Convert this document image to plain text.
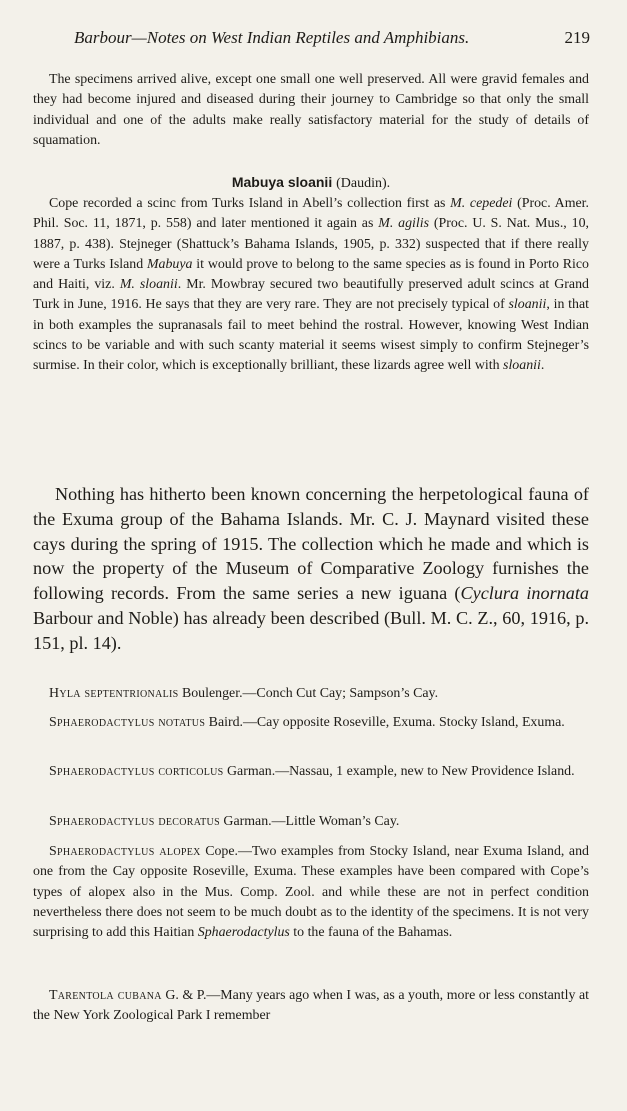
Barbour—Notes on West Indian Reptiles and Amphibians.	219

The specimens arrived alive, except one small one well preserved. All were gravid females and they had become injured and diseased during their journey to Cambridge so that only the small individual and one of the adults make really satisfactory material for the study of details of squamation.

Mabuya sloanii (Daudin).

Cope recorded a scinc from Turks Island in Abell’s collection first as M. cepedei (Proc. Amer. Phil. Soc. 11, 1871, p. 558) and later mentioned it again as M. agilis (Proc. U. S. Nat. Mus., 10, 1887, p. 438). Stejneger (Shattuck’s Bahama Islands, 1905, p. 332) suspected that if there really were a Turks Island Mabuya it would prove to belong to the same species as is found in Porto Rico and Haiti, viz. M. sloanii. Mr. Mowbray secured two beautifully preserved adult scincs at Grand Turk in June, 1916. He says that they are very rare. They are not precisely typical of sloanii, in that in both examples the supranasals fail to meet behind the rostral. However, knowing West Indian scincs to be variable and with such scanty material it seems wisest simply to confirm Stejneger’s surmise. In their color, which is exceptionally brilliant, these lizards agree well with sloanii.

Nothing has hitherto been known concerning the herpetological fauna of the Exuma group of the Bahama Islands. Mr. C. J. Maynard visited these cays during the spring of 1915. The collection which he made and which is now the property of the Museum of Comparative Zoology furnishes the following records. From the same series a new iguana (Cyclura inornata Barbour and Noble) has already been described (Bull. M. C. Z., 60, 1916, p. 151, pl. 14).

Hyla septentrionalis Boulenger.—Conch Cut Cay; Sampson’s Cay.

Sphaerodactylus notatus Baird.—Cay opposite Roseville, Exuma. Stocky Island, Exuma.

Sphaerodactylus corticolus Garman.—Nassau, 1 example, new to New Providence Island.

Sphaerodactylus decoratus Garman.—Little Woman’s Cay.

Sphaerodactylus alopex Cope.—Two examples from Stocky Island, near Exuma Island, and one from the Cay opposite Roseville, Exuma. These examples have been compared with Cope’s types of alopex also in the Mus. Comp. Zool. and while these are not in perfect condition nevertheless there does not seem to be much doubt as to the identity of the specimens. It is not very surprising to add this Haitian Sphaerodactylus to the fauna of the Bahamas.

Tarentola cubana G. & P.—Many years ago when I was, as a youth, more or less constantly at the New York Zoological Park I remember
